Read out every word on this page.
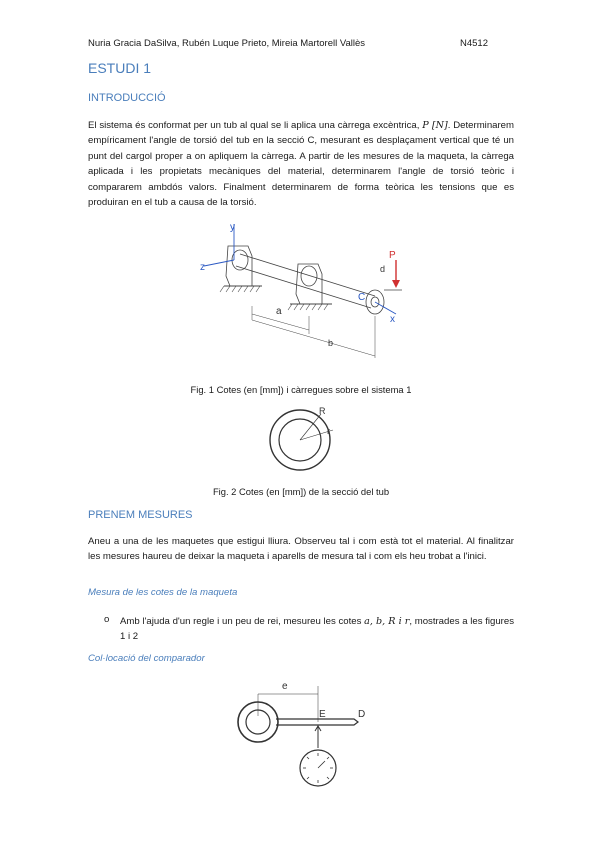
Nuria Gracia DaSilva, Rubén Luque Prieto, Mireia Martorell Vallès	N4512
ESTUDI 1
INTRODUCCIÓ
El sistema és conformat per un tub al qual se li aplica una càrrega excèntrica, P [N]. Determinarem empíricament l'angle de torsió del tub en la secció C, mesurant es desplaçament vertical que té un punt del cargol proper a on apliquem la càrrega. A partir de les mesures de la maqueta, la càrrega aplicada i les propietats mecàniques del material, determinarem l'angle de torsió teòric i compararem ambdós valors. Finalment determinarem de forma teòrica les tensions que es produiran en el tub a causa de la torsió.
y
z
x
C
a
b
P
d
Fig. 1 Cotes (en [mm]) i càrregues sobre el sistema 1
R
r
Fig. 2 Cotes (en [mm]) de la secció del tub
PRENEM MESURES
Aneu a una de les maquetes que estigui lliura. Observeu tal i com està tot el material. Al finalitzar les mesures haureu de deixar la maqueta i aparells de mesura tal i com els heu trobat a l'inici.
Mesura de les cotes de la maqueta
o Amb l'ajuda d'un regle i un peu de rei, mesureu les cotes a, b, R i r, mostrades a les figures 1 i 2
Col·locació del comparador
e
E	D
